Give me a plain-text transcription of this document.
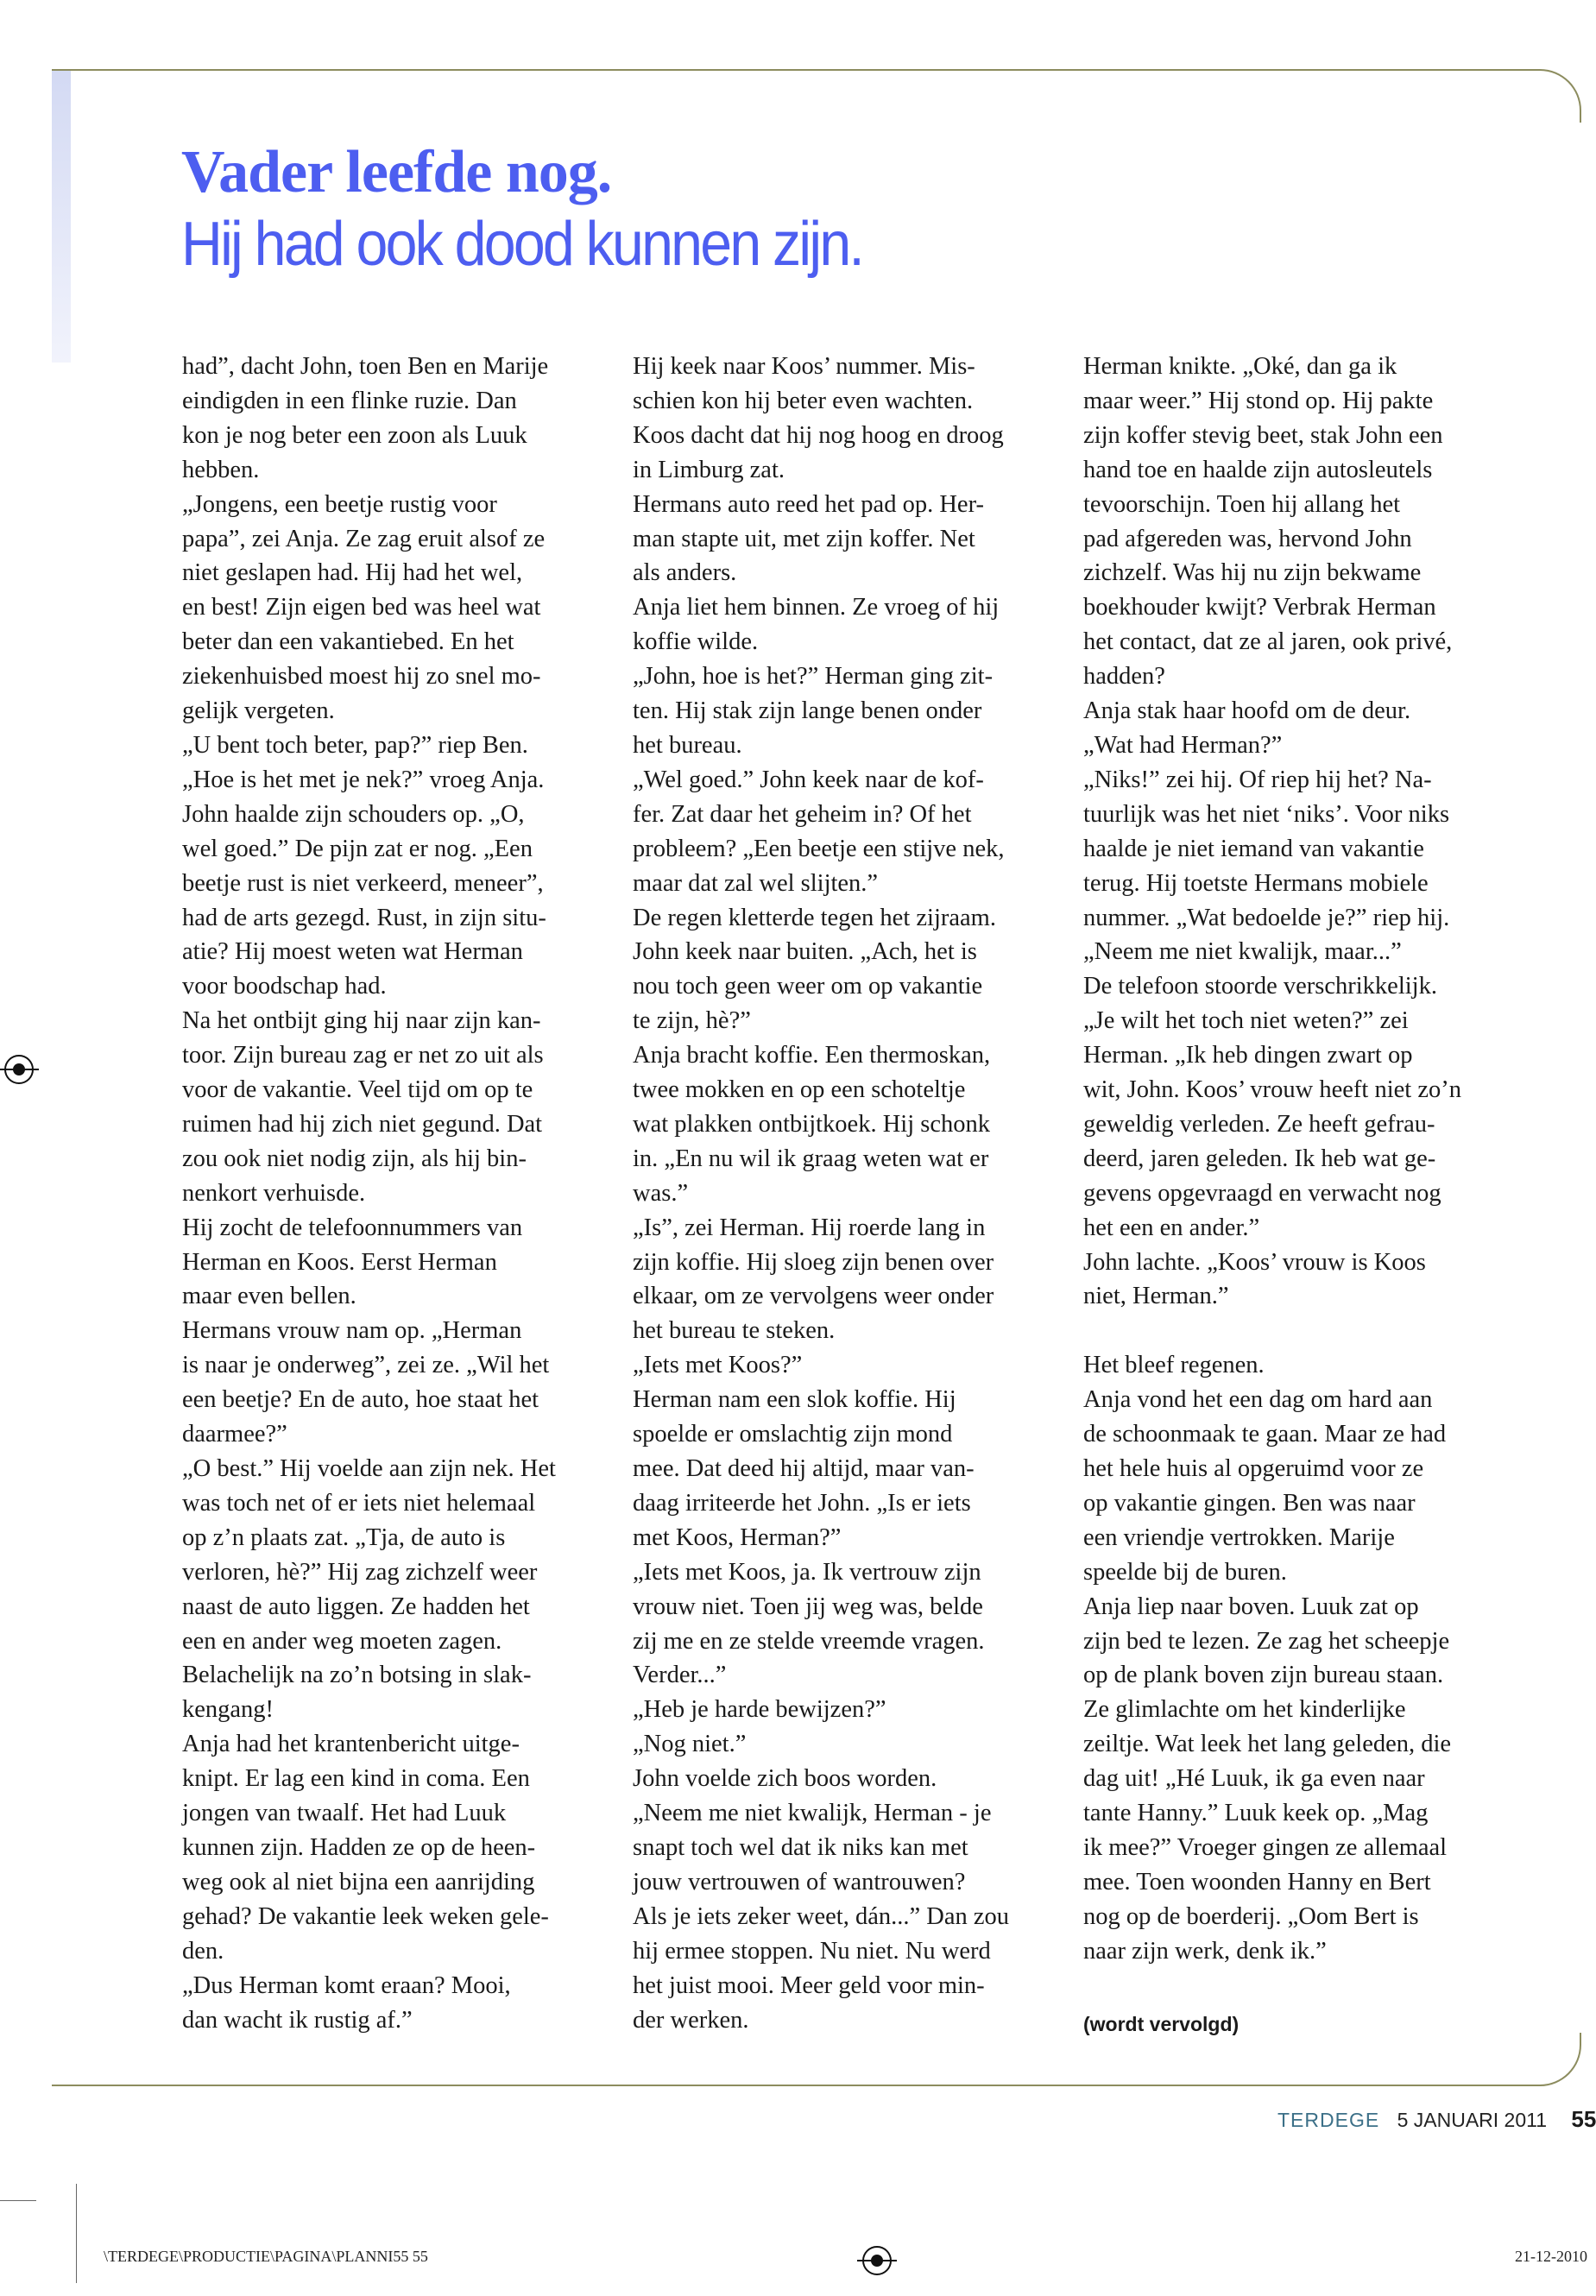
Vader leefde nog.
Hij had ook dood kunnen zijn.
had”, dacht John, toen Ben en Marije
eindigden in een flinke ruzie. Dan
kon je nog beter een zoon als Luuk
hebben.
„Jongens, een beetje rustig voor
papa”, zei Anja. Ze zag eruit alsof ze
niet geslapen had. Hij had het wel,
en best! Zijn eigen bed was heel wat
beter dan een vakantiebed. En het
ziekenhuisbed moest hij zo snel mo-
gelijk vergeten.
„U bent toch beter, pap?” riep Ben.
„Hoe is het met je nek?” vroeg Anja.
John haalde zijn schouders op. „O,
wel goed.” De pijn zat er nog. „Een
beetje rust is niet verkeerd, meneer”,
had de arts gezegd. Rust, in zijn situ-
atie? Hij moest weten wat Herman
voor boodschap had.
Na het ontbijt ging hij naar zijn kan-
toor. Zijn bureau zag er net zo uit als
voor de vakantie. Veel tijd om op te
ruimen had hij zich niet gegund. Dat
zou ook niet nodig zijn, als hij bin-
nenkort verhuisde.
Hij zocht de telefoonnummers van
Herman en Koos. Eerst Herman
maar even bellen.
Hermans vrouw nam op. „Herman
is naar je onderweg”, zei ze. „Wil het
een beetje? En de auto, hoe staat het
daarmee?”
„O best.” Hij voelde aan zijn nek. Het
was toch net of er iets niet helemaal
op z’n plaats zat. „Tja, de auto is
verloren, hè?” Hij zag zichzelf weer
naast de auto liggen. Ze hadden het
een en ander weg moeten zagen.
Belachelijk na zo’n botsing in slak-
kengang!
Anja had het krantenbericht uitge-
knipt. Er lag een kind in coma. Een
jongen van twaalf. Het had Luuk
kunnen zijn. Hadden ze op de heen-
weg ook al niet bijna een aanrijding
gehad? De vakantie leek weken gele-
den.
„Dus Herman komt eraan? Mooi,
dan wacht ik rustig af.”
Hij keek naar Koos’ nummer. Mis-
schien kon hij beter even wachten.
Koos dacht dat hij nog hoog en droog
in Limburg zat.
Hermans auto reed het pad op. Her-
man stapte uit, met zijn koffer. Net
als anders.
Anja liet hem binnen. Ze vroeg of hij
koffie wilde.
„John, hoe is het?” Herman ging zit-
ten. Hij stak zijn lange benen onder
het bureau.
„Wel goed.” John keek naar de kof-
fer. Zat daar het geheim in? Of het
probleem? „Een beetje een stijve nek,
maar dat zal wel slijten.”
De regen kletterde tegen het zijraam.
John keek naar buiten. „Ach, het is
nou toch geen weer om op vakantie
te zijn, hè?”
Anja bracht koffie. Een thermoskan,
twee mokken en op een schoteltje
wat plakken ontbijtkoek. Hij schonk
in. „En nu wil ik graag weten wat er
was.”
„Is”, zei Herman. Hij roerde lang in
zijn koffie. Hij sloeg zijn benen over
elkaar, om ze vervolgens weer onder
het bureau te steken.
„Iets met Koos?”
Herman nam een slok koffie. Hij
spoelde er omslachtig zijn mond
mee. Dat deed hij altijd, maar van-
daag irriteerde het John. „Is er iets
met Koos, Herman?”
„Iets met Koos, ja. Ik vertrouw zijn
vrouw niet. Toen jij weg was, belde
zij me en ze stelde vreemde vragen.
Verder...”
„Heb je harde bewijzen?”
„Nog niet.”
John voelde zich boos worden.
„Neem me niet kwalijk, Herman - je
snapt toch wel dat ik niks kan met
jouw vertrouwen of wantrouwen?
Als je iets zeker weet, dán...” Dan zou
hij ermee stoppen. Nu niet. Nu werd
het juist mooi. Meer geld voor min-
der werken.
Herman knikte. „Oké, dan ga ik
maar weer.” Hij stond op. Hij pakte
zijn koffer stevig beet, stak John een
hand toe en haalde zijn autosleutels
tevoorschijn. Toen hij allang het
pad afgereden was, hervond John
zichzelf. Was hij nu zijn bekwame
boekhouder kwijt? Verbrak Herman
het contact, dat ze al jaren, ook privé,
hadden?
Anja stak haar hoofd om de deur.
„Wat had Herman?”
„Niks!” zei hij. Of riep hij het? Na-
tuurlijk was het niet ‘niks’. Voor niks
haalde je niet iemand van vakantie
terug. Hij toetste Hermans mobiele
nummer. „Wat bedoelde je?” riep hij.
„Neem me niet kwalijk, maar...”
De telefoon stoorde verschrikkelijk.
„Je wilt het toch niet weten?” zei
Herman. „Ik heb dingen zwart op
wit, John. Koos’ vrouw heeft niet zo’n
geweldig verleden. Ze heeft gefrau-
deerd, jaren geleden. Ik heb wat ge-
gevens opgevraagd en verwacht nog
het een en ander.”
John lachte. „Koos’ vrouw is Koos
niet, Herman.”

Het bleef regenen.
Anja vond het een dag om hard aan
de schoonmaak te gaan. Maar ze had
het hele huis al opgeruimd voor ze
op vakantie gingen. Ben was naar
een vriendje vertrokken. Marije
speelde bij de buren.
Anja liep naar boven. Luuk zat op
zijn bed te lezen. Ze zag het scheepje
op de plank boven zijn bureau staan.
Ze glimlachte om het kinderlijke
zeiltje. Wat leek het lang geleden, die
dag uit! „Hé Luuk, ik ga even naar
tante Hanny.” Luuk keek op. „Mag
ik mee?” Vroeger gingen ze allemaal
mee. Toen woonden Hanny en Bert
nog op de boerderij. „Oom Bert is
naar zijn werk, denk ik.”
(wordt vervolgd)
TERDEGE 5 JANUARI 2011 55
\TERDEGE\PRODUCTIE\PAGINA\PLANNI55 55	21-12-2010
